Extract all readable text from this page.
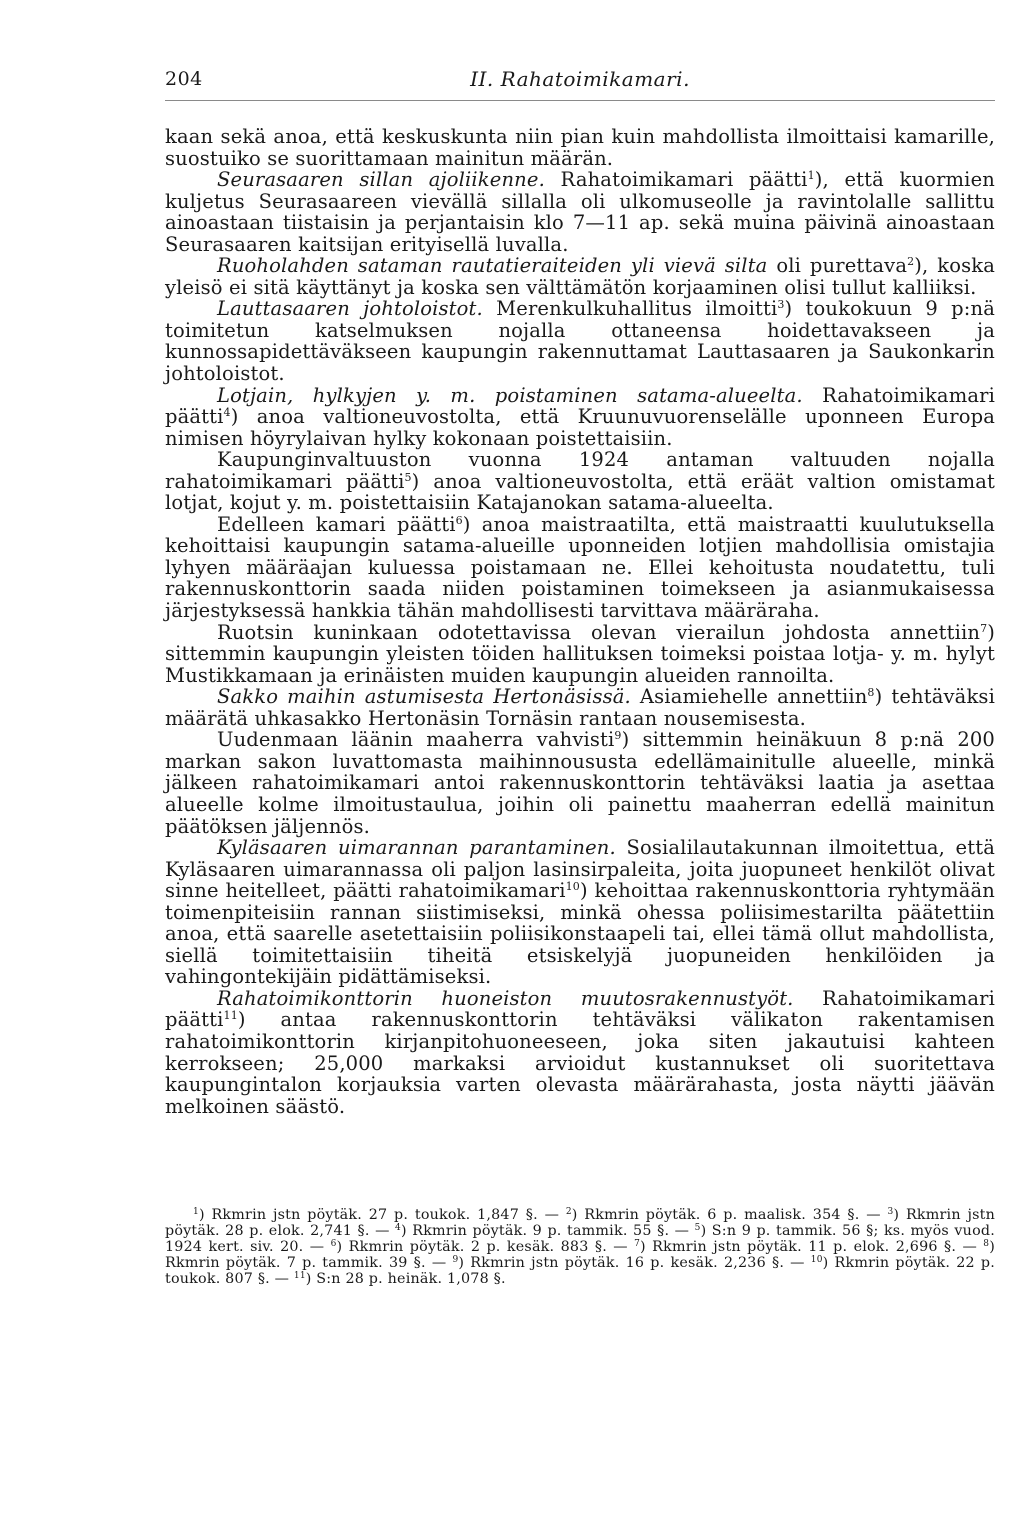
204	II. Rahatoimikamari.

kaan sekä anoa, että keskuskunta niin pian kuin mahdollista ilmoittaisi kamarille, suostuiko se suorittamaan mainitun määrän.

Seurasaaren sillan ajoliikenne. Rahatoimikamari päätti$^1$), että kuormien kuljetus Seurasaareen vievällä sillalla oli ulkomuseolle ja ravintolalle sallittu ainoastaan tiistaisin ja perjantaisin klo 7—11 ap. sekä muina päivinä ainoastaan Seurasaaren kaitsijan erityisellä luvalla.

Ruoholahden sataman rautatieraiteiden yli vievä silta oli purettava$^2$), koska yleisö ei sitä käyttänyt ja koska sen välttämätön korjaaminen olisi tullut kalliiksi.

Lauttasaaren johtoloistot. Merenkulkuhallitus ilmoitti$^3$) toukokuun 9 p:nä toimitetun katselmuksen nojalla ottaneensa hoidettavakseen ja kunnossapidettäväkseen kaupungin rakennuttamat Lauttasaaren ja Saukonkarin johtoloistot.

Lotjain, hylkyjen y. m. poistaminen satama-alueelta. Rahatoimikamari päätti$^4$) anoa valtioneuvostolta, että Kruunuvuorenselälle uponneen Europa nimisen höyrylaivan hylky kokonaan poistettaisiin.

Kaupunginvaltuuston vuonna 1924 antaman valtuuden nojalla rahatoimikamari päätti$^5$) anoa valtioneuvostolta, että eräät valtion omistamat lotjat, kojut y. m. poistettaisiin Katajanokan satama-alueelta.

Edelleen kamari päätti$^6$) anoa maistraatilta, että maistraatti kuulutuksella kehoittaisi kaupungin satama-alueille uponneiden lotjien mahdollisia omistajia lyhyen määräajan kuluessa poistamaan ne. Ellei kehoitusta noudatettu, tuli rakennuskonttorin saada niiden poistaminen toimekseen ja asianmukaisessa järjestyksessä hankkia tähän mahdollisesti tarvittava määräraha.

Ruotsin kuninkaan odotettavissa olevan vierailun johdosta annettiin$^7$) sittemmin kaupungin yleisten töiden hallituksen toimeksi poistaa lotja- y. m. hylyt Mustikkamaan ja erinäisten muiden kaupungin alueiden rannoilta.

Sakko maihin astumisesta Hertonäsissä. Asiamiehelle annettiin$^8$) tehtäväksi määrätä uhkasakko Hertonäsin Tornäsin rantaan nousemisesta.

Uudenmaan läänin maaherra vahvisti$^9$) sittemmin heinäkuun 8 p:nä 200 markan sakon luvattomasta maihinnoususta edellämainitulle alueelle, minkä jälkeen rahatoimikamari antoi rakennuskonttorin tehtäväksi laatia ja asettaa alueelle kolme ilmoitustaulua, joihin oli painettu maaherran edellä mainitun päätöksen jäljennös.

Kyläsaaren uimarannan parantaminen. Sosialilautakunnan ilmoitettua, että Kyläsaaren uimarannassa oli paljon lasinsirpaleita, joita juopuneet henkilöt olivat sinne heitelleet, päätti rahatoimikamari$^{10}$) kehoittaa rakennuskonttoria ryhtymään toimenpiteisiin rannan siistimiseksi, minkä ohessa poliisimestarilta päätettiin anoa, että saarelle asetettaisiin poliisikonstaapeli tai, ellei tämä ollut mahdollista, siellä toimitettaisiin tiheitä etsiskelyjä juopuneiden henkilöiden ja vahingontekijäin pidättämiseksi.

Rahatoimikonttorin huoneiston muutosrakennustyöt. Rahatoimikamari päätti$^{11}$) antaa rakennuskonttorin tehtäväksi välikaton rakentamisen rahatoimikonttorin kirjanpitohuoneeseen, joka siten jakautuisi kahteen kerrokseen; 25,000 markaksi arvioidut kustannukset oli suoritettava kaupungintalon korjauksia varten olevasta määrärahasta, josta näytti jäävän melkoinen säästö.

$^1$) Rkmrin jstn pöytäk. 27 p. toukok. 1,847 §. — $^2$) Rkmrin pöytäk. 6 p. maalisk. 354 §. — $^3$) Rkmrin jstn pöytäk. 28 p. elok. 2,741 §. — $^4$) Rkmrin pöytäk. 9 p. tammik. 55 §. — $^5$) S:n 9 p. tammik. 56 §; ks. myös vuod. 1924 kert. siv. 20. — $^6$) Rkmrin pöytäk. 2 p. kesäk. 883 §. — $^7$) Rkmrin jstn pöytäk. 11 p. elok. 2,696 §. — $^8$) Rkmrin pöytäk. 7 p. tammik. 39 §. — $^9$) Rkmrin jstn pöytäk. 16 p. kesäk. 2,236 §. — $^{10}$) Rkmrin pöytäk. 22 p. toukok. 807 §. — $^{11}$) S:n 28 p. heinäk. 1,078 §.
